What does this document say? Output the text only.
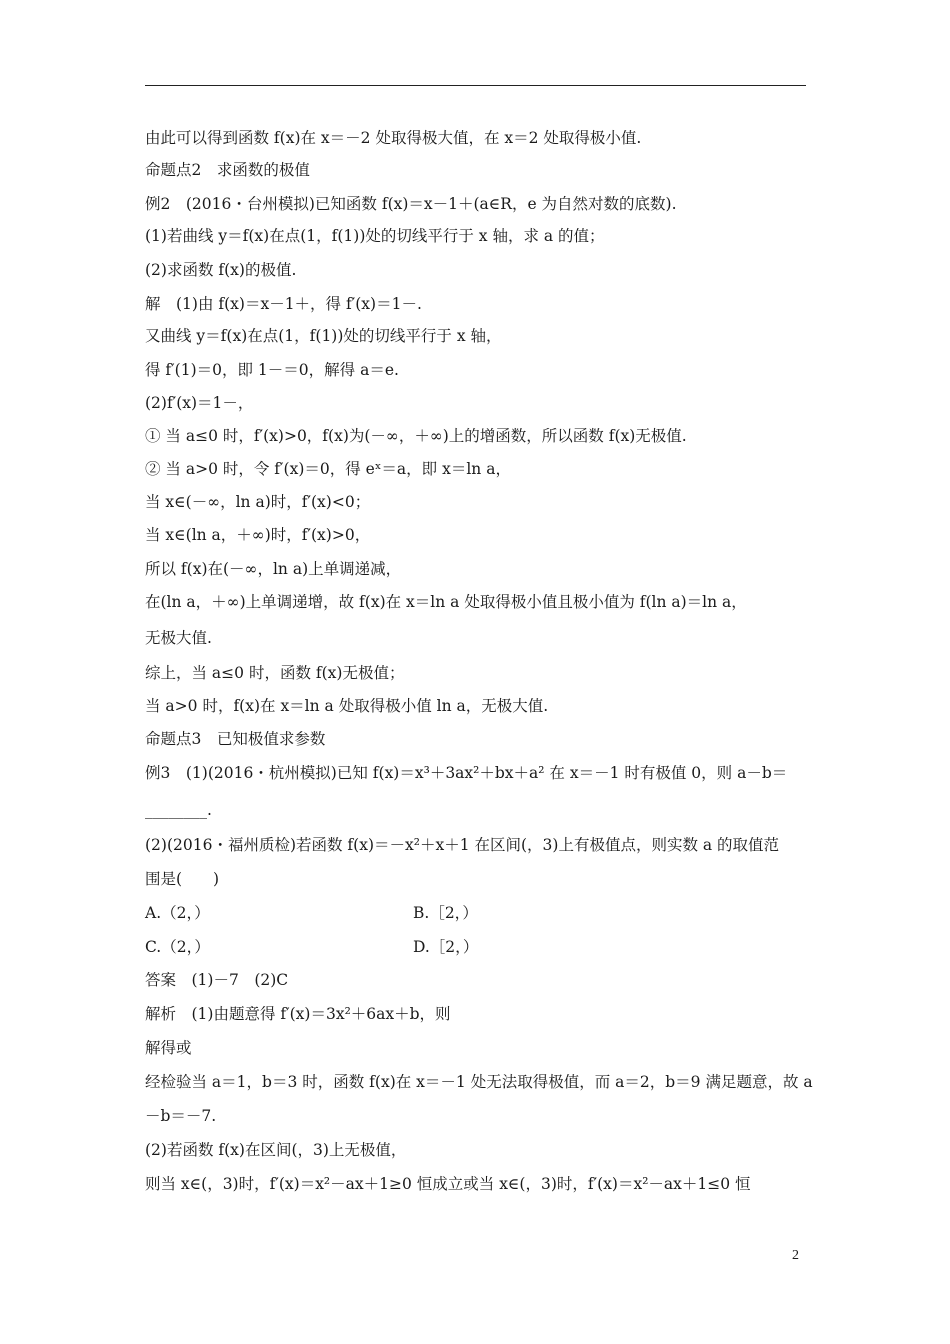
由此可以得到函数 f(x)在 x＝－2 处取得极大值，在 x＝2 处取得极小值.
命题点2　求函数的极值
例2　(2016・台州模拟)已知函数 f(x)＝x－1＋(a∈R，e 为自然对数的底数).
(1)若曲线 y＝f(x)在点(1，f(1))处的切线平行于 x 轴，求 a 的值；
(2)求函数 f(x)的极值.
解　(1)由 f(x)＝x－1＋，得 f′(x)＝1－.
又曲线 y＝f(x)在点(1，f(1))处的切线平行于 x 轴，
得 f′(1)＝0，即 1－＝0，解得 a＝e.
(2)f′(x)＝1－，
① 当 a≤0 时，f′(x)>0，f(x)为(－∞，＋∞)上的增函数，所以函数 f(x)无极值.
② 当 a>0 时，令 f′(x)＝0，得 eˣ＝a，即 x＝ln a，
当 x∈(－∞，ln a)时，f′(x)<0；
当 x∈(ln a，＋∞)时，f′(x)>0，
所以 f(x)在(－∞，ln a)上单调递减，
在(ln a，＋∞)上单调递增，故 f(x)在 x＝ln a 处取得极小值且极小值为 f(ln a)＝ln a，
无极大值.
综上，当 a≤0 时，函数 f(x)无极值；
当 a>0 时，f(x)在 x＝ln a 处取得极小值 ln a，无极大值.
命题点3　已知极值求参数
例3　(1)(2016・杭州模拟)已知 f(x)＝x³＋3ax²＋bx＋a² 在 x＝－1 时有极值 0，则 a－b＝
________.
(2)(2016・福州质检)若函数 f(x)＝－x²＋x＋1 在区间(，3)上有极值点，则实数 a 的取值范
围是(　　)
A.（2，）	B.［2，）
C.（2，）	D.［2，）
答案　(1)－7　(2)C
解析　(1)由题意得 f′(x)＝3x²＋6ax＋b，则
解得或
经检验当 a＝1，b＝3 时，函数 f(x)在 x＝－1 处无法取得极值，而 a＝2，b＝9 满足题意，故 a
－b＝－7.
(2)若函数 f(x)在区间(，3)上无极值，
则当 x∈(，3)时，f′(x)＝x²－ax＋1≥0 恒成立或当 x∈(，3)时，f′(x)＝x²－ax＋1≤0 恒
2
